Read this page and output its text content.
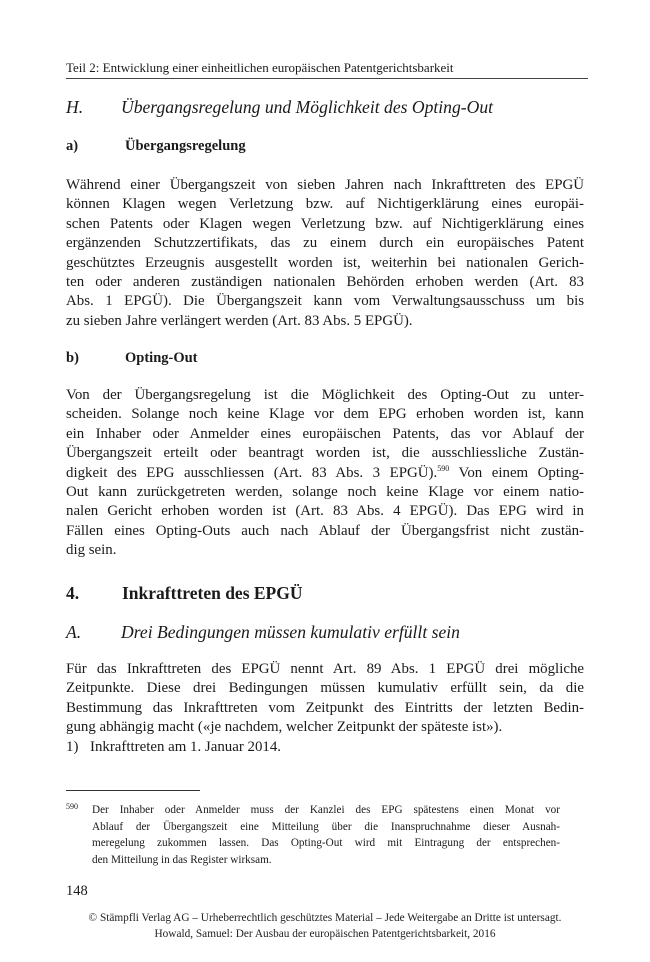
Teil 2: Entwicklung einer einheitlichen europäischen Patentgerichtsbarkeit
H. Übergangsregelung und Möglichkeit des Opting-Out
a)	Übergangsregelung
Während einer Übergangszeit von sieben Jahren nach Inkrafttreten des EPGÜ
können Klagen wegen Verletzung bzw. auf Nichtigerklärung eines europäi-
schen Patents oder Klagen wegen Verletzung bzw. auf Nichtigerklärung eines
ergänzenden Schutzzertifikats, das zu einem durch ein europäisches Patent
geschütztes Erzeugnis ausgestellt worden ist, weiterhin bei nationalen Gerich-
ten oder anderen zuständigen nationalen Behörden erhoben werden (Art. 83
Abs. 1 EPGÜ). Die Übergangszeit kann vom Verwaltungsausschuss um bis
zu sieben Jahre verlängert werden (Art. 83 Abs. 5 EPGÜ).
b)	Opting-Out
Von der Übergangsregelung ist die Möglichkeit des Opting-Out zu unter-
scheiden. Solange noch keine Klage vor dem EPG erhoben worden ist, kann
ein Inhaber oder Anmelder eines europäischen Patents, das vor Ablauf der
Übergangszeit erteilt oder beantragt worden ist, die ausschliessliche Zustän-
digkeit des EPG ausschliessen (Art. 83 Abs. 3 EPGÜ).$^{590}$ Von einem Opting-
Out kann zurückgetreten werden, solange noch keine Klage vor einem natio-
nalen Gericht erhoben worden ist (Art. 83 Abs. 4 EPGÜ). Das EPG wird in
Fällen eines Opting-Outs auch nach Ablauf der Übergangsfrist nicht zustän-
dig sein.
4. Inkrafttreten des EPGÜ
A. Drei Bedingungen müssen kumulativ erfüllt sein
Für das Inkrafttreten des EPGÜ nennt Art. 89 Abs. 1 EPGÜ drei mögliche
Zeitpunkte. Diese drei Bedingungen müssen kumulativ erfüllt sein, da die
Bestimmung das Inkrafttreten vom Zeitpunkt des Eintritts der letzten Bedin-
gung abhängig macht («je nachdem, welcher Zeitpunkt der späteste ist»).
1) Inkrafttreten am 1. Januar 2014.
590 Der Inhaber oder Anmelder muss der Kanzlei des EPG spätestens einen Monat vor
Ablauf der Übergangszeit eine Mitteilung über die Inanspruchnahme dieser Ausnah-
meregelung zukommen lassen. Das Opting-Out wird mit Eintragung der entsprechen-
den Mitteilung in das Register wirksam.
148
© Stämpfli Verlag AG – Urheberrechtlich geschütztes Material – Jede Weitergabe an Dritte ist untersagt.
Howald, Samuel: Der Ausbau der europäischen Patentgerichtsbarkeit, 2016
